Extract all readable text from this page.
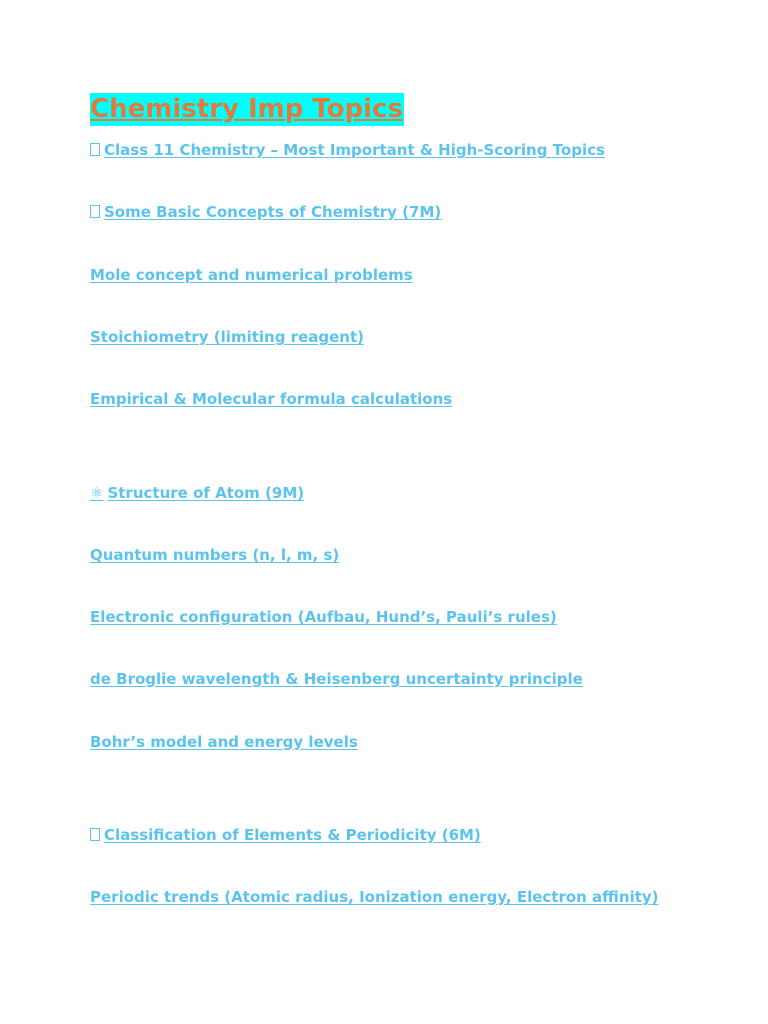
Chemistry Imp Topics
Class 11 Chemistry – Most Important & High-Scoring Topics
Some Basic Concepts of Chemistry (7M)
Mole concept and numerical problems
Stoichiometry (limiting reagent)
Empirical & Molecular formula calculations
⚛ Structure of Atom (9M)
Quantum numbers (n, l, m, s)
Electronic configuration (Aufbau, Hund’s, Pauli’s rules)
de Broglie wavelength & Heisenberg uncertainty principle
Bohr’s model and energy levels
Classification of Elements & Periodicity (6M)
Periodic trends (Atomic radius, Ionization energy, Electron affinity)
